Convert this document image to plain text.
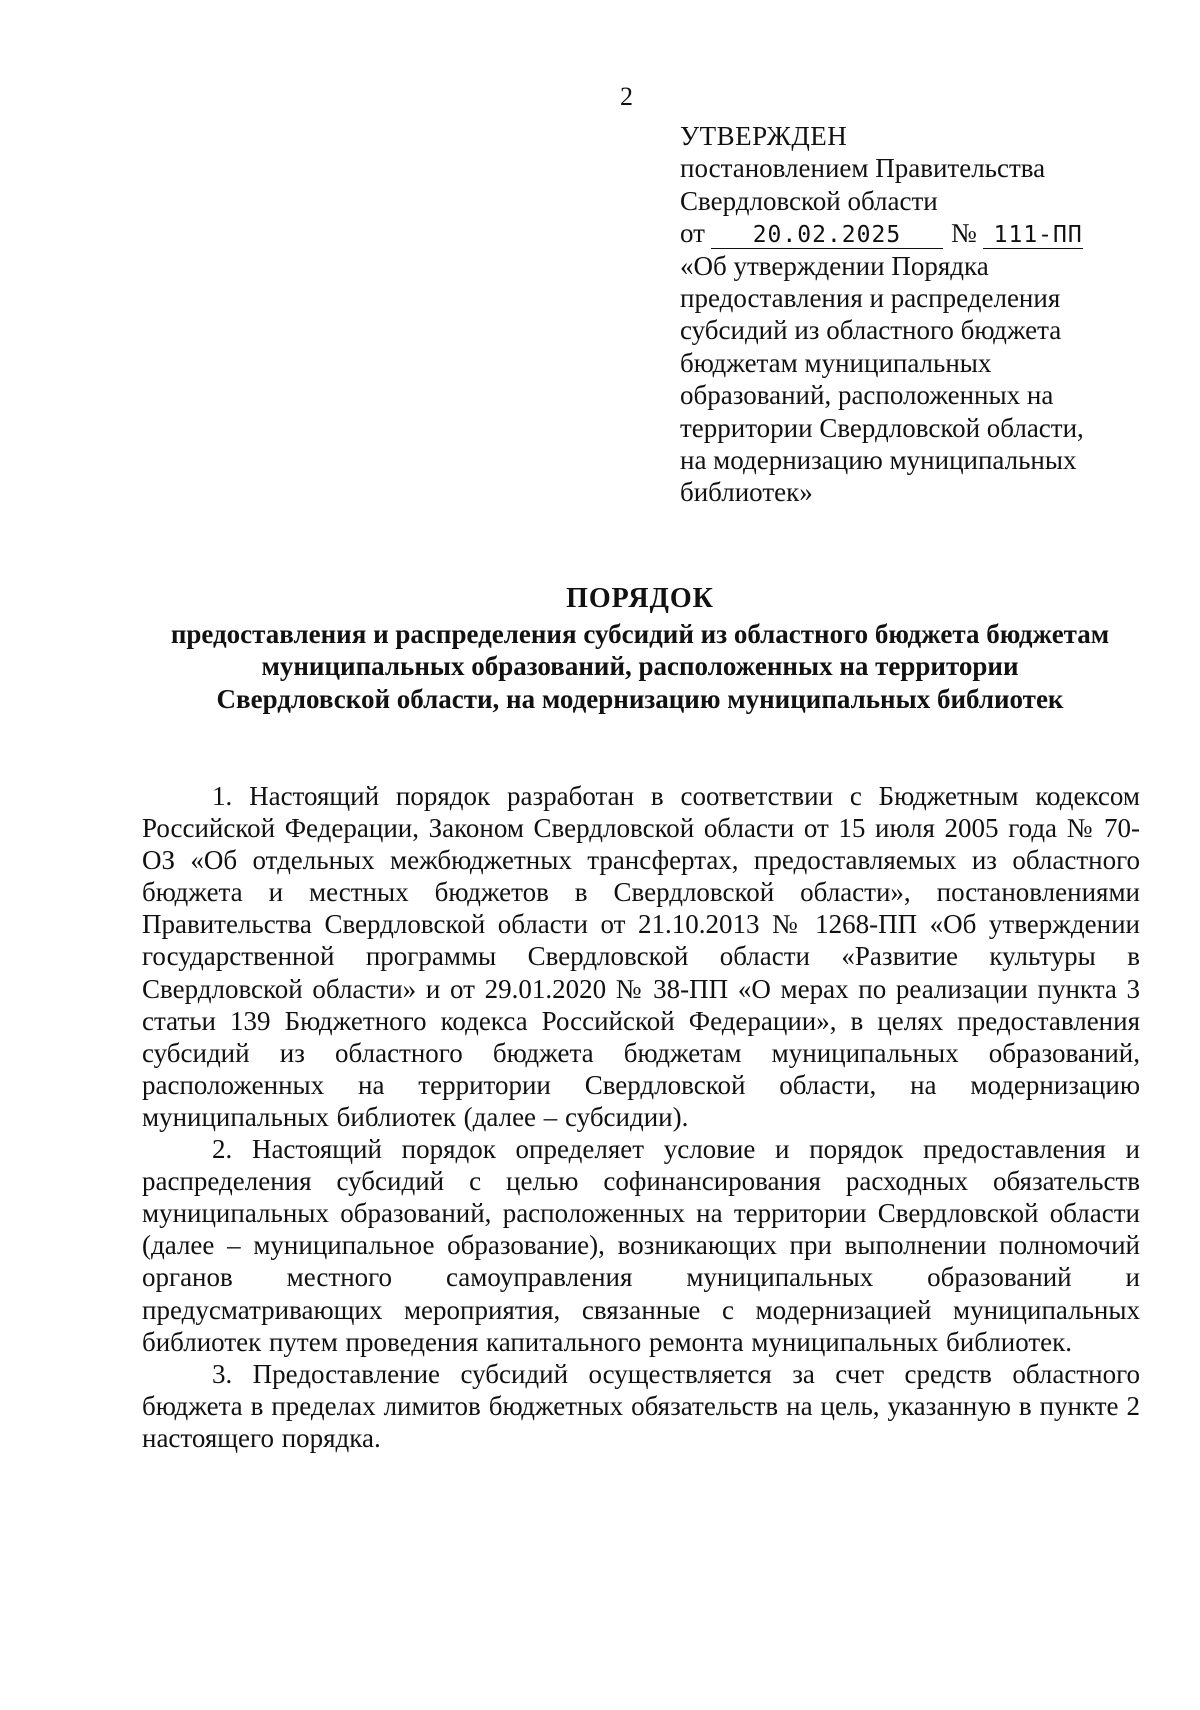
2
УТВЕРЖДЕН
постановлением Правительства
Свердловской области
от	20.02.2025	№ 111-ПП
«Об утверждении Порядка
предоставления и распределения
субсидий из областного бюджета
бюджетам муниципальных
образований, расположенных на
территории Свердловской области,
на модернизацию муниципальных
библиотек»
ПОРЯДОК
предоставления и распределения субсидий из областного бюджета бюджетам
муниципальных образований, расположенных на территории
Свердловской области, на модернизацию муниципальных библиотек

1. Настоящий порядок разработан в соответствии с Бюджетным кодексом Российской Федерации, Законом Свердловской области от 15 июля 2005 года № 70-ОЗ «Об отдельных межбюджетных трансфертах, предоставляемых из областного бюджета и местных бюджетов в Свердловской области», постановлениями Правительства Свердловской области от 21.10.2013 № 1268-ПП «Об утверждении государственной программы Свердловской области «Развитие культуры в Свердловской области» и от 29.01.2020 № 38-ПП «О мерах по реализации пункта 3 статьи 139 Бюджетного кодекса Российской Федерации», в целях предоставления субсидий из областного бюджета бюджетам муниципальных образований, расположенных на территории Свердловской области, на модернизацию муниципальных библиотек (далее – субсидии).

2. Настоящий порядок определяет условие и порядок предоставления и распределения субсидий с целью софинансирования расходных обязательств муниципальных образований, расположенных на территории Свердловской области (далее – муниципальное образование), возникающих при выполнении полномочий органов местного самоуправления муниципальных образований и предусматривающих мероприятия, связанные с модернизацией муниципальных библиотек путем проведения капитального ремонта муниципальных библиотек.

3. Предоставление субсидий осуществляется за счет средств областного бюджета в пределах лимитов бюджетных обязательств на цель, указанную в пункте 2 настоящего порядка.
